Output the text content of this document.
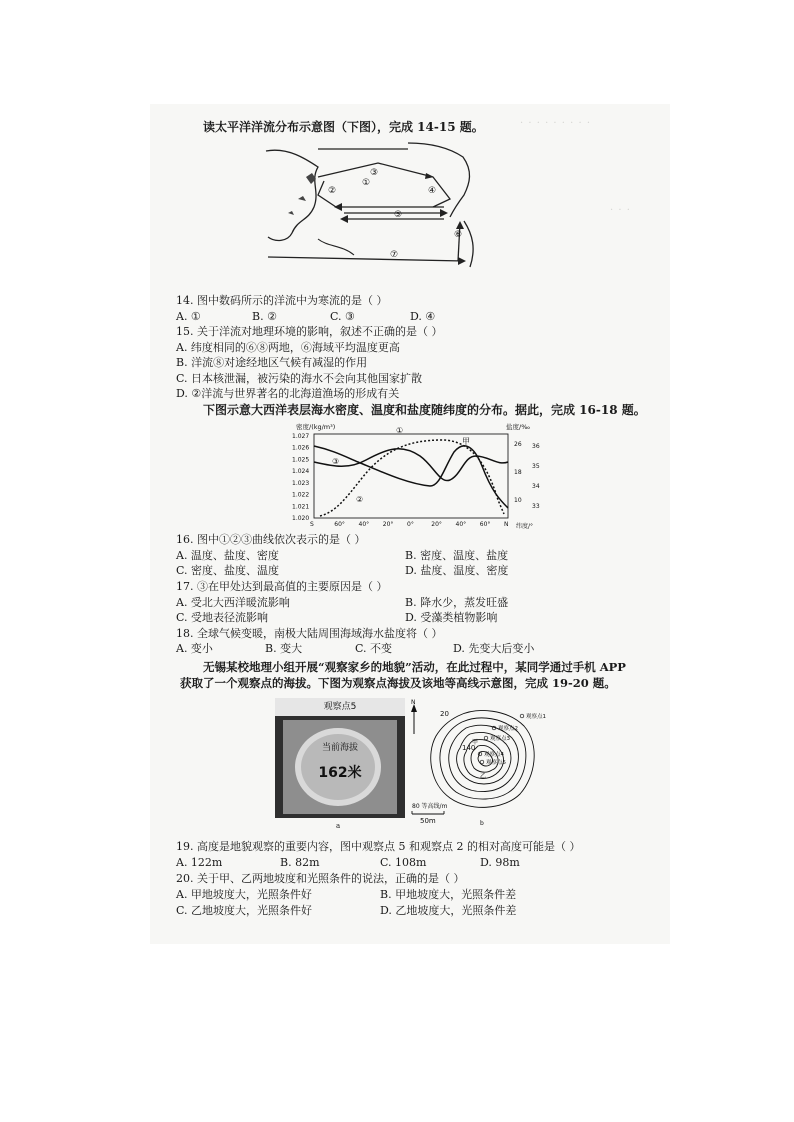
· · · · · · · · ·
· · ·
读太平洋洋流分布示意图（下图），完成 14-15 题。
①
②
③
④
⑤
⑥
⑦
14. 图中数码所示的洋流中为寒流的是（ ）
A. ①	B. ②	C. ③	D. ④
15. 关于洋流对地理环境的影响，叙述不正确的是（ ）
A. 纬度相同的⑥⑧两地，⑥海域平均温度更高
B. 洋流⑧对途经地区气候有减湿的作用
C. 日本核泄漏，被污染的海水不会向其他国家扩散
D. ②洋流与世界著名的北海道渔场的形成有关
下图示意大西洋表层海水密度、温度和盐度随纬度的分布。据此，完成 16-18 题。
密度/(kg/m³)	盐度/‰
1.027
1.026
1.025
1.024
1.023
1.022
1.021
1.020
36
35
34
33
26
18
10
S	60° 40° 20° 0°	20° 40° 60° N
①
②
③
甲
纬度/°
16. 图中①②③曲线依次表示的是（ ）
A. 温度、盐度、密度	B. 密度、温度、盐度
C. 密度、盐度、温度	D. 盐度、温度、密度
17. ③在甲处达到最高值的主要原因是（ ）
A. 受北大西洋暖流影响	B. 降水少，蒸发旺盛
C. 受地表径流影响	D. 受藻类植物影响
18. 全球气候变暖，南极大陆周围海域海水盐度将（ ）
A. 变小	B. 变大	C. 不变	D. 先变大后变小
无锡某校地理小组开展“观察家乡的地貌”活动，在此过程中，某同学通过手机 APP
获取了一个观察点的海拔。下图为观察点海拔及该地等高线示意图，完成 19-20 题。
观察点5
当前海拔
162米
a
N
20
140
观察点1
观察点2
观察点3
观察点4
观察点5
甲
乙
80 等高线/m
50m	b
19. 高度是地貌观察的重要内容，图中观察点 5 和观察点 2 的相对高度可能是（ ）
A. 122m	B. 82m	C. 108m	D. 98m
20. 关于甲、乙两地坡度和光照条件的说法，正确的是（ ）
A. 甲地坡度大，光照条件好	B. 甲地坡度大，光照条件差
C. 乙地坡度大，光照条件好	D. 乙地坡度大，光照条件差
